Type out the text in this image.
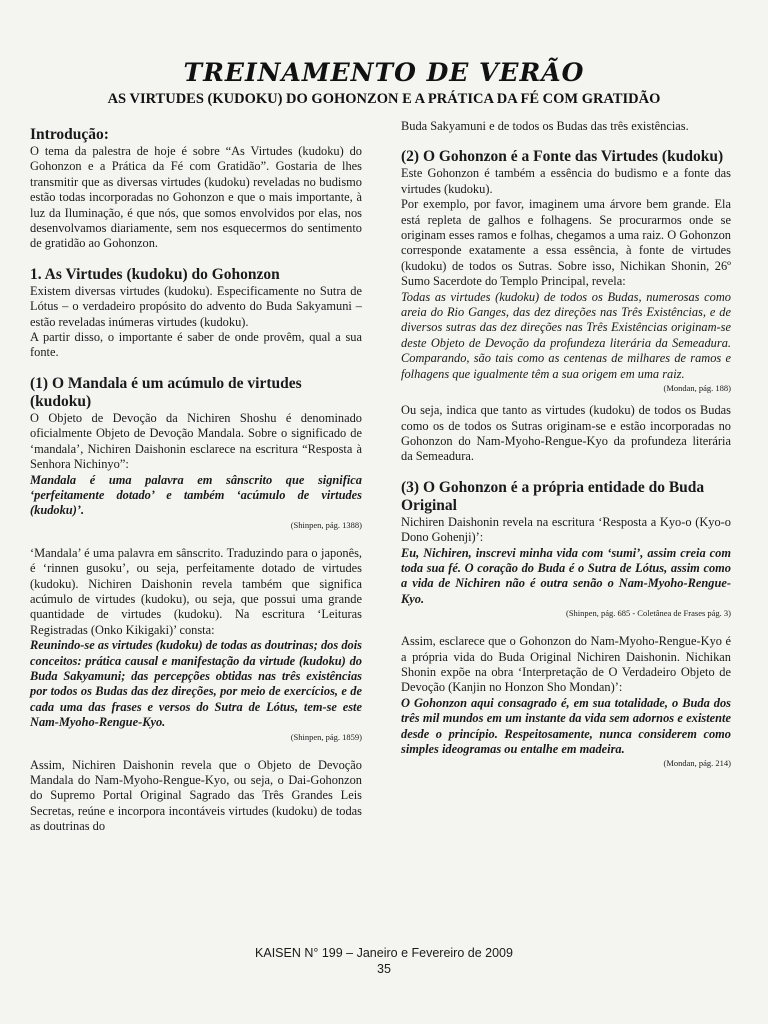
TREINAMENTO DE VERÃO
AS VIRTUDES (KUDOKU) DO GOHONZON E A PRÁTICA DA FÉ COM GRATIDÃO
Introdução:

O tema da palestra de hoje é sobre “As Virtudes (kudoku) do Gohonzon e a Prática da Fé com Gratidão”. Gostaria de lhes transmitir que as diversas virtudes (kudoku) reveladas no budismo estão todas incorporadas no Gohonzon e que o mais importante, à luz da Iluminação, é que nós, que somos envolvidos por elas, nos desenvolvamos diariamente, sem nos esquecermos do sentimento de gratidão ao Gohonzon.

1. As Virtudes (kudoku) do Gohonzon

Existem diversas virtudes (kudoku). Especificamente no Sutra de Lótus – o verdadeiro propósito do advento do Buda Sakyamuni – estão reveladas inúmeras virtudes (kudoku).

A partir disso, o importante é saber de onde provêm, qual a sua fonte.

(1) O Mandala é um acúmulo de virtudes (kudoku)

O Objeto de Devoção da Nichiren Shoshu é denominado oficialmente Objeto de Devoção Mandala. Sobre o significado de ‘mandala’, Nichiren Daishonin esclarece na escritura “Resposta à Senhora Nichinyo”:

Mandala é uma palavra em sânscrito que significa ‘perfeitamente dotado’ e também ‘acúmulo de virtudes (kudoku)’.

(Shinpen, pág. 1388)

‘Mandala’ é uma palavra em sânscrito. Traduzindo para o japonês, é ‘rinnen gusoku’, ou seja, perfeitamente dotado de virtudes (kudoku). Nichiren Daishonin revela também que significa acúmulo de virtudes (kudoku), ou seja, que possui uma grande quantidade de virtudes (kudoku). Na escritura ‘Leituras Registradas (Onko Kikigaki)’ consta:

Reunindo-se as virtudes (kudoku) de todas as doutrinas; dos dois conceitos: prática causal e manifestação da virtude (kudoku) do Buda Sakyamuni; das percepções obtidas nas três existências por todos os Budas das dez direções, por meio de exercícios, e de cada uma das frases e versos do Sutra de Lótus, tem-se este Nam-Myoho-Rengue-Kyo.

(Shinpen, pág. 1859)

Assim, Nichiren Daishonin revela que o Objeto de Devoção Mandala do Nam-Myoho-Rengue-Kyo, ou seja, o Dai-Gohonzon do Supremo Portal Original Sagrado das Três Grandes Leis Secretas, reúne e incorpora incontáveis virtudes (kudoku) de todas as doutrinas do

Buda Sakyamuni e de todos os Budas das três existências.

(2) O Gohonzon é a Fonte das Virtudes (kudoku)

Este Gohonzon é também a essência do budismo e a fonte das virtudes (kudoku).

Por exemplo, por favor, imaginem uma árvore bem grande. Ela está repleta de galhos e folhagens. Se procurarmos onde se originam esses ramos e folhas, chegamos a uma raiz. O Gohonzon corresponde exatamente a essa essência, à fonte de virtudes (kudoku) de todos os Sutras. Sobre isso, Nichikan Shonin, 26º Sumo Sacerdote do Templo Principal, revela:

Todas as virtudes (kudoku) de todos os Budas, numerosas como areia do Rio Ganges, das dez direções nas Três Existências, e de diversos sutras das dez direções nas Três Existências originam-se deste Objeto de Devoção da profundeza literária da Semeadura. Comparando, são tais como as centenas de milhares de ramos e folhagens que igualmente têm a sua origem em uma raiz.

(Mondan, pág. 188)

Ou seja, indica que tanto as virtudes (kudoku) de todos os Budas como os de todos os Sutras originam-se e estão incorporadas no Gohonzon do Nam-Myoho-Rengue-Kyo da profundeza literária da Semeadura.

(3) O Gohonzon é a própria entidade do Buda Original

Nichiren Daishonin revela na escritura ‘Resposta a Kyo-o (Kyo-o Dono Gohenji)’:

Eu, Nichiren, inscrevi minha vida com ‘sumi’, assim creia com toda sua fé. O coração do Buda é o Sutra de Lótus, assim como a vida de Nichiren não é outra senão o Nam-Myoho-Rengue-Kyo.

(Shinpen, pág. 685 - Coletânea de Frases pág. 3)

Assim, esclarece que o Gohonzon do Nam-Myoho-Rengue-Kyo é a própria vida do Buda Original Nichiren Daishonin. Nichikan Shonin expõe na obra ‘Interpretação de O Verdadeiro Objeto de Devoção (Kanjin no Honzon Sho Mondan)’:

O Gohonzon aqui consagrado é, em sua totalidade, o Buda dos três mil mundos em um instante da vida sem adornos e existente desde o princípio. Respeitosamente, nunca considerem como simples ideogramas ou entalhe em madeira.

(Mondan, pág. 214)

KAISEN N° 199 – Janeiro e Fevereiro de 2009
35
